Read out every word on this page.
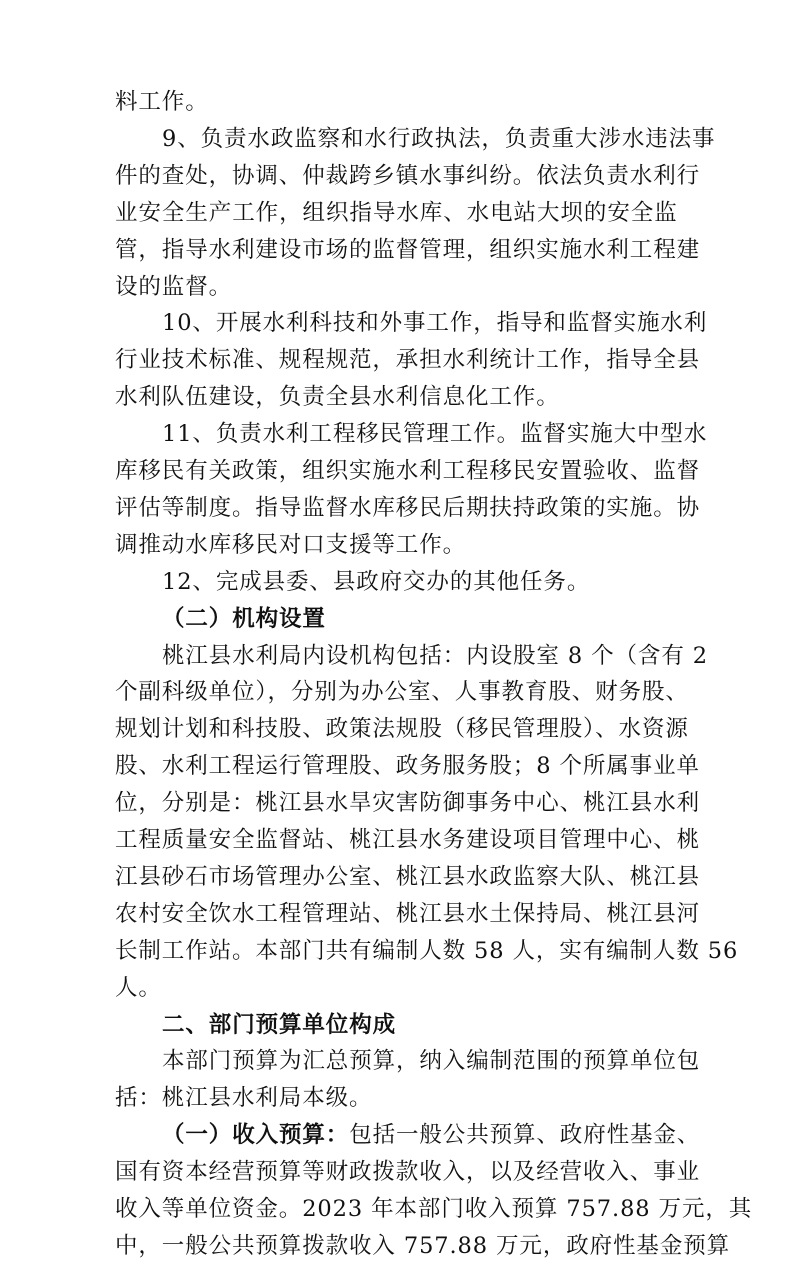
料工作。
9、负责水政监察和水行政执法，负责重大涉水违法事
件的查处，协调、仲裁跨乡镇水事纠纷。依法负责水利行
业安全生产工作，组织指导水库、水电站大坝的安全监
管，指导水利建设市场的监督管理，组织实施水利工程建
设的监督。
10、开展水利科技和外事工作，指导和监督实施水利
行业技术标准、规程规范，承担水利统计工作，指导全县
水利队伍建设，负责全县水利信息化工作。
11、负责水利工程移民管理工作。监督实施大中型水
库移民有关政策，组织实施水利工程移民安置验收、监督
评估等制度。指导监督水库移民后期扶持政策的实施。协
调推动水库移民对口支援等工作。
12、完成县委、县政府交办的其他任务。
（二）机构设置
桃江县水利局内设机构包括：内设股室 8 个（含有 2
个副科级单位），分别为办公室、人事教育股、财务股、
规划计划和科技股、政策法规股（移民管理股）、水资源
股、水利工程运行管理股、政务服务股；8 个所属事业单
位，分别是：桃江县水旱灾害防御事务中心、桃江县水利
工程质量安全监督站、桃江县水务建设项目管理中心、桃
江县砂石市场管理办公室、桃江县水政监察大队、桃江县
农村安全饮水工程管理站、桃江县水土保持局、桃江县河
长制工作站。本部门共有编制人数 58 人，实有编制人数 56
人。
二、部门预算单位构成
本部门预算为汇总预算，纳入编制范围的预算单位包
括：桃江县水利局本级。
（一）收入预算：包括一般公共预算、政府性基金、
国有资本经营预算等财政拨款收入，以及经营收入、事业
收入等单位资金。2023 年本部门收入预算 757.88 万元，其
中，一般公共预算拨款收入 757.88 万元，政府性基金预算
